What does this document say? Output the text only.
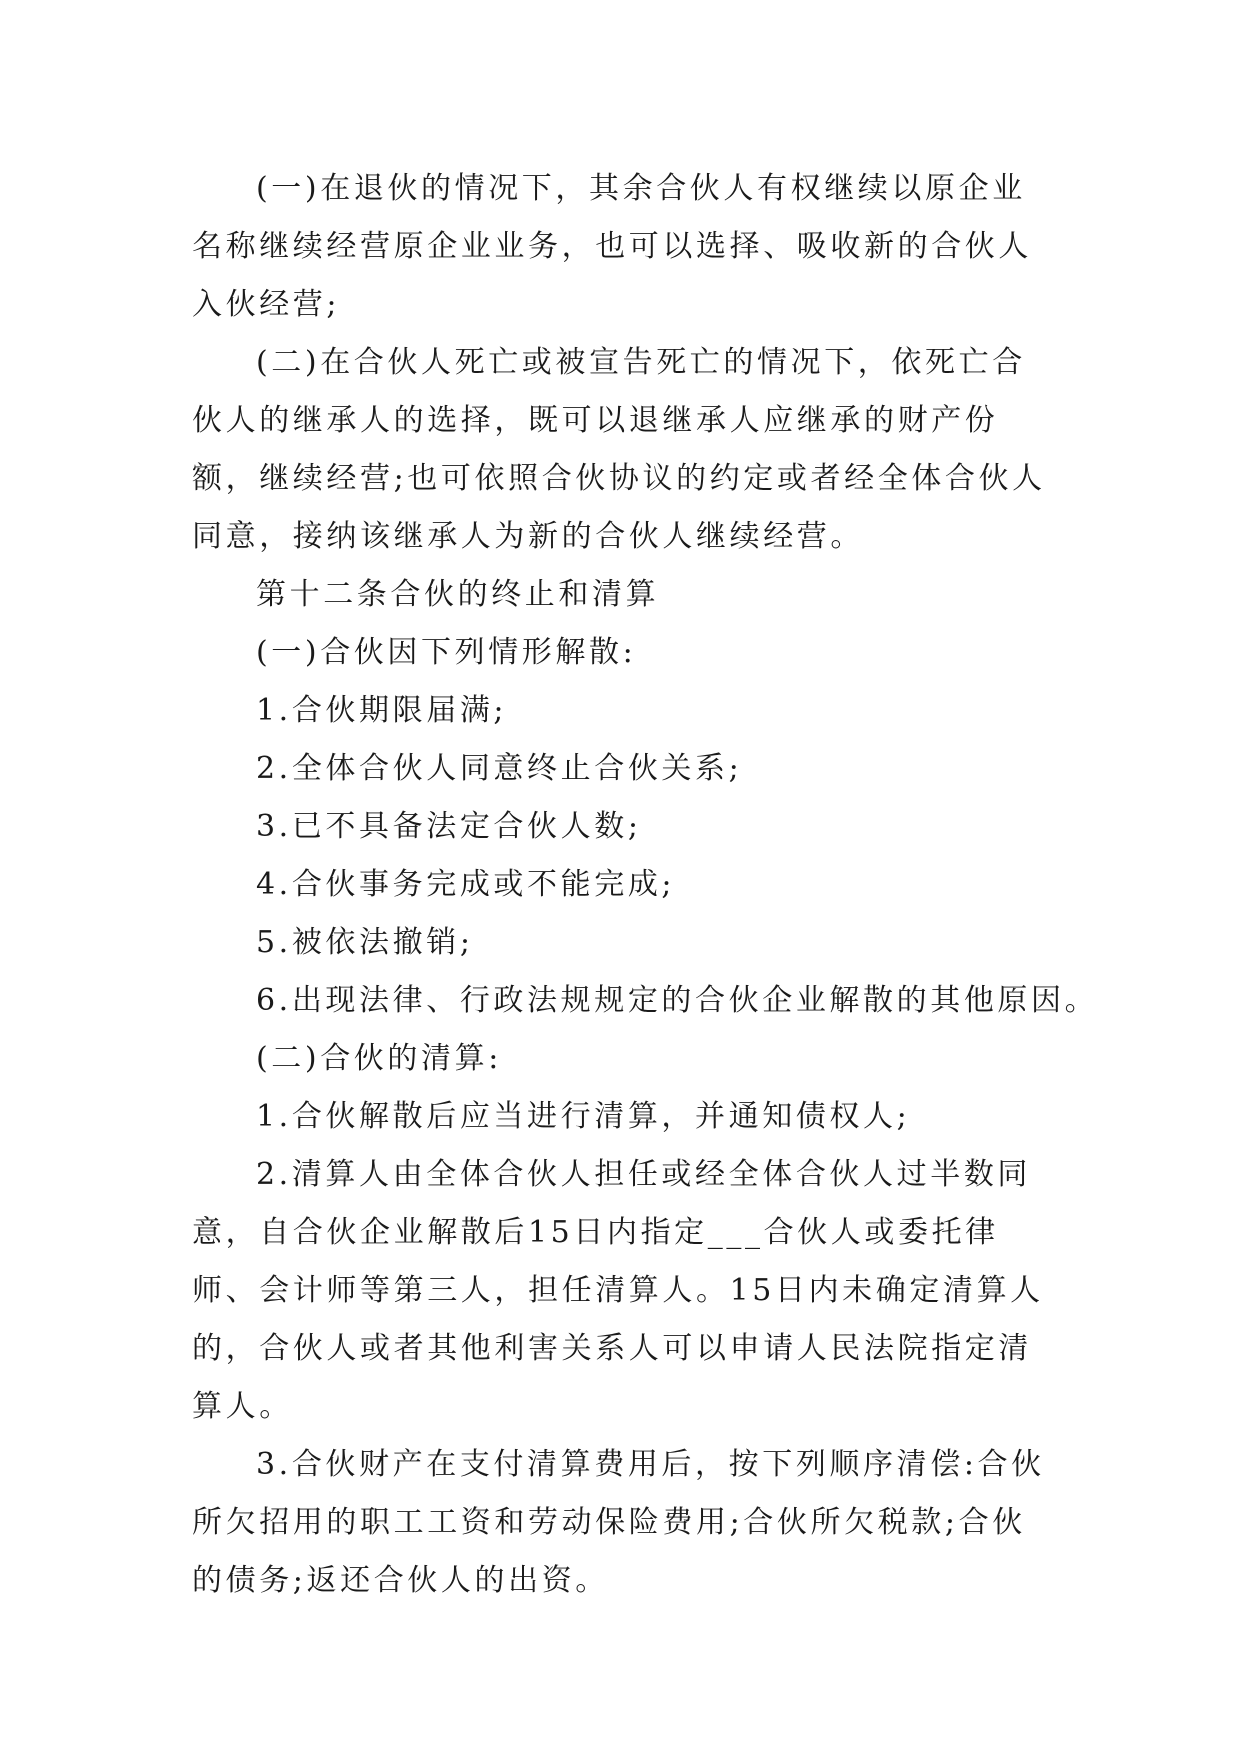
(一)在退伙的情况下，其余合伙人有权继续以原企业名称继续经营原企业业务，也可以选择、吸收新的合伙人入伙经营;

(二)在合伙人死亡或被宣告死亡的情况下，依死亡合伙人的继承人的选择，既可以退继承人应继承的财产份额，继续经营;也可依照合伙协议的约定或者经全体合伙人同意，接纳该继承人为新的合伙人继续经营。

第十二条合伙的终止和清算

(一)合伙因下列情形解散:

1.合伙期限届满;

2.全体合伙人同意终止合伙关系;

3.已不具备法定合伙人数;

4.合伙事务完成或不能完成;

5.被依法撤销;

6.出现法律、行政法规规定的合伙企业解散的其他原因。

(二)合伙的清算:

1.合伙解散后应当进行清算，并通知债权人;

2.清算人由全体合伙人担任或经全体合伙人过半数同意，自合伙企业解散后15日内指定___合伙人或委托律师、会计师等第三人，担任清算人。15日内未确定清算人的，合伙人或者其他利害关系人可以申请人民法院指定清算人。

3.合伙财产在支付清算费用后，按下列顺序清偿:合伙所欠招用的职工工资和劳动保险费用;合伙所欠税款;合伙的债务;返还合伙人的出资。
